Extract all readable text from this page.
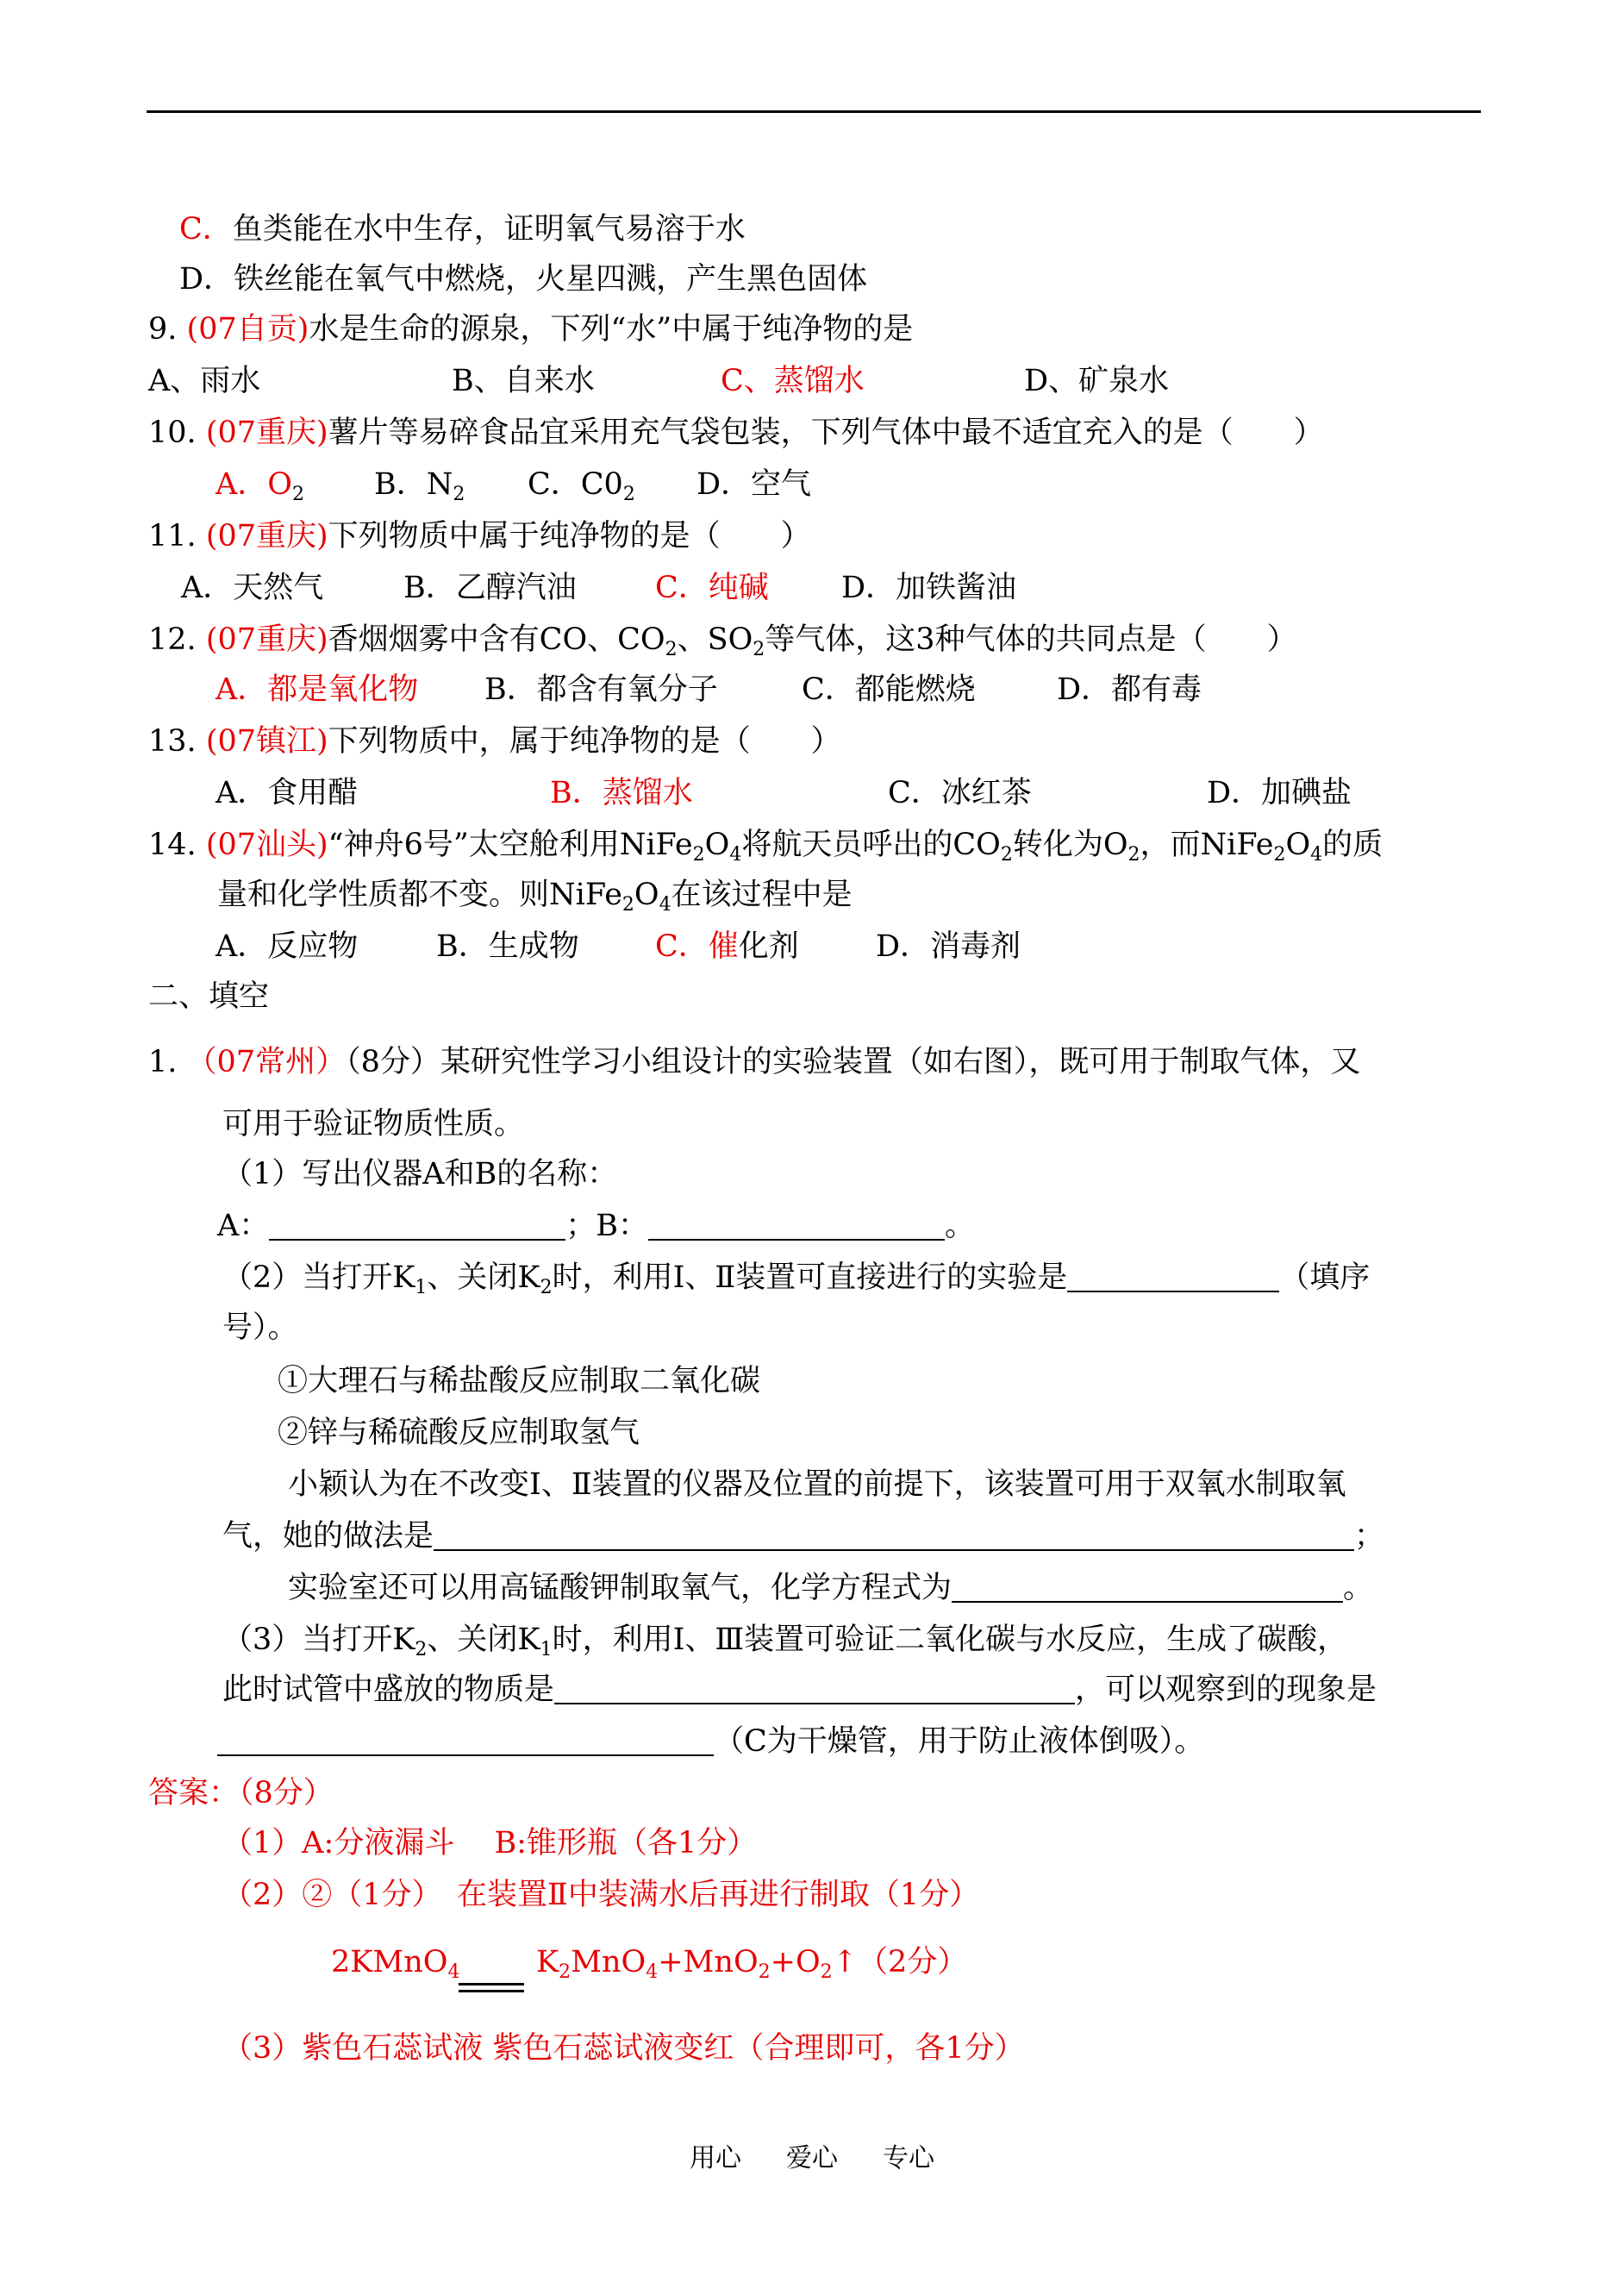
C．鱼类能在水中生存，证明氧气易溶于水
D．铁丝能在氧气中燃烧，火星四溅，产生黑色固体
9. (07自贡)水是生命的源泉，下列“水”中属于纯净物的是
A、雨水	B、自来水	C、蒸馏水	D、矿泉水
10. (07重庆)薯片等易碎食品宜采用充气袋包装，下列气体中最不适宜充入的是（　　）
A．$O_2$ B．$N_2$ C．$C0_2$ D．空气
11. (07重庆)下列物质中属于纯净物的是（　　）
A．天然气	B．乙醇汽油	C．纯碱 D．加铁酱油
12. (07重庆)香烟烟雾中含有CO、$CO_2$、$SO_2$等气体，这3种气体的共同点是（　　）
A．都是氧化物 B．都含有氧分子	C．都能燃烧	D．都有毒
13. (07镇江)下列物质中，属于纯净物的是（　　）
A．食用醋	B．蒸馏水	C．冰红茶	D．加碘盐
14. (07汕头)“神舟6号”太空舱利用$NiFe_2O_4$将航天员呼出的$CO_2$转化为$O_2$，而$NiFe_2O_4$的质
量和化学性质都不变。则$NiFe_2O_4$在该过程中是
A．反应物	B．生成物	C．催化剂	D．消毒剂
二、填空
1. （07常州）（8分）某研究性学习小组设计的实验装置（如右图），既可用于制取气体，又
可用于验证物质性质。
（1）写出仪器A和B的名称：
A：	；B：	。
（2）当打开$K_1$、关闭$K_2$时，利用Ⅰ、Ⅱ装置可直接进行的实验是	（填序
号）。
①大理石与稀盐酸反应制取二氧化碳
②锌与稀硫酸反应制取氢气
小颖认为在不改变Ⅰ、Ⅱ装置的仪器及位置的前提下，该装置可用于双氧水制取氧
气，她的做法是	；
实验室还可以用高锰酸钾制取氧气，化学方程式为	。
（3）当打开$K_2$、关闭$K_1$时，利用Ⅰ、Ⅲ装置可验证二氧化碳与水反应，生成了碳酸，
此时试管中盛放的物质是	，可以观察到的现象是
（C为干燥管，用于防止液体倒吸）。
答案：（8分）
（1）A:分液漏斗　 B:锥形瓶（各1分）
（2）②（1分）　在装置Ⅱ中装满水后再进行制取（1分）
2KMnO$_4$	$K_2MnO_4+MnO_2+O_2↑(2$分）
（3）紫色石蕊试液 紫色石蕊试液变红（合理即可，各1分）
用心 爱心 专心
